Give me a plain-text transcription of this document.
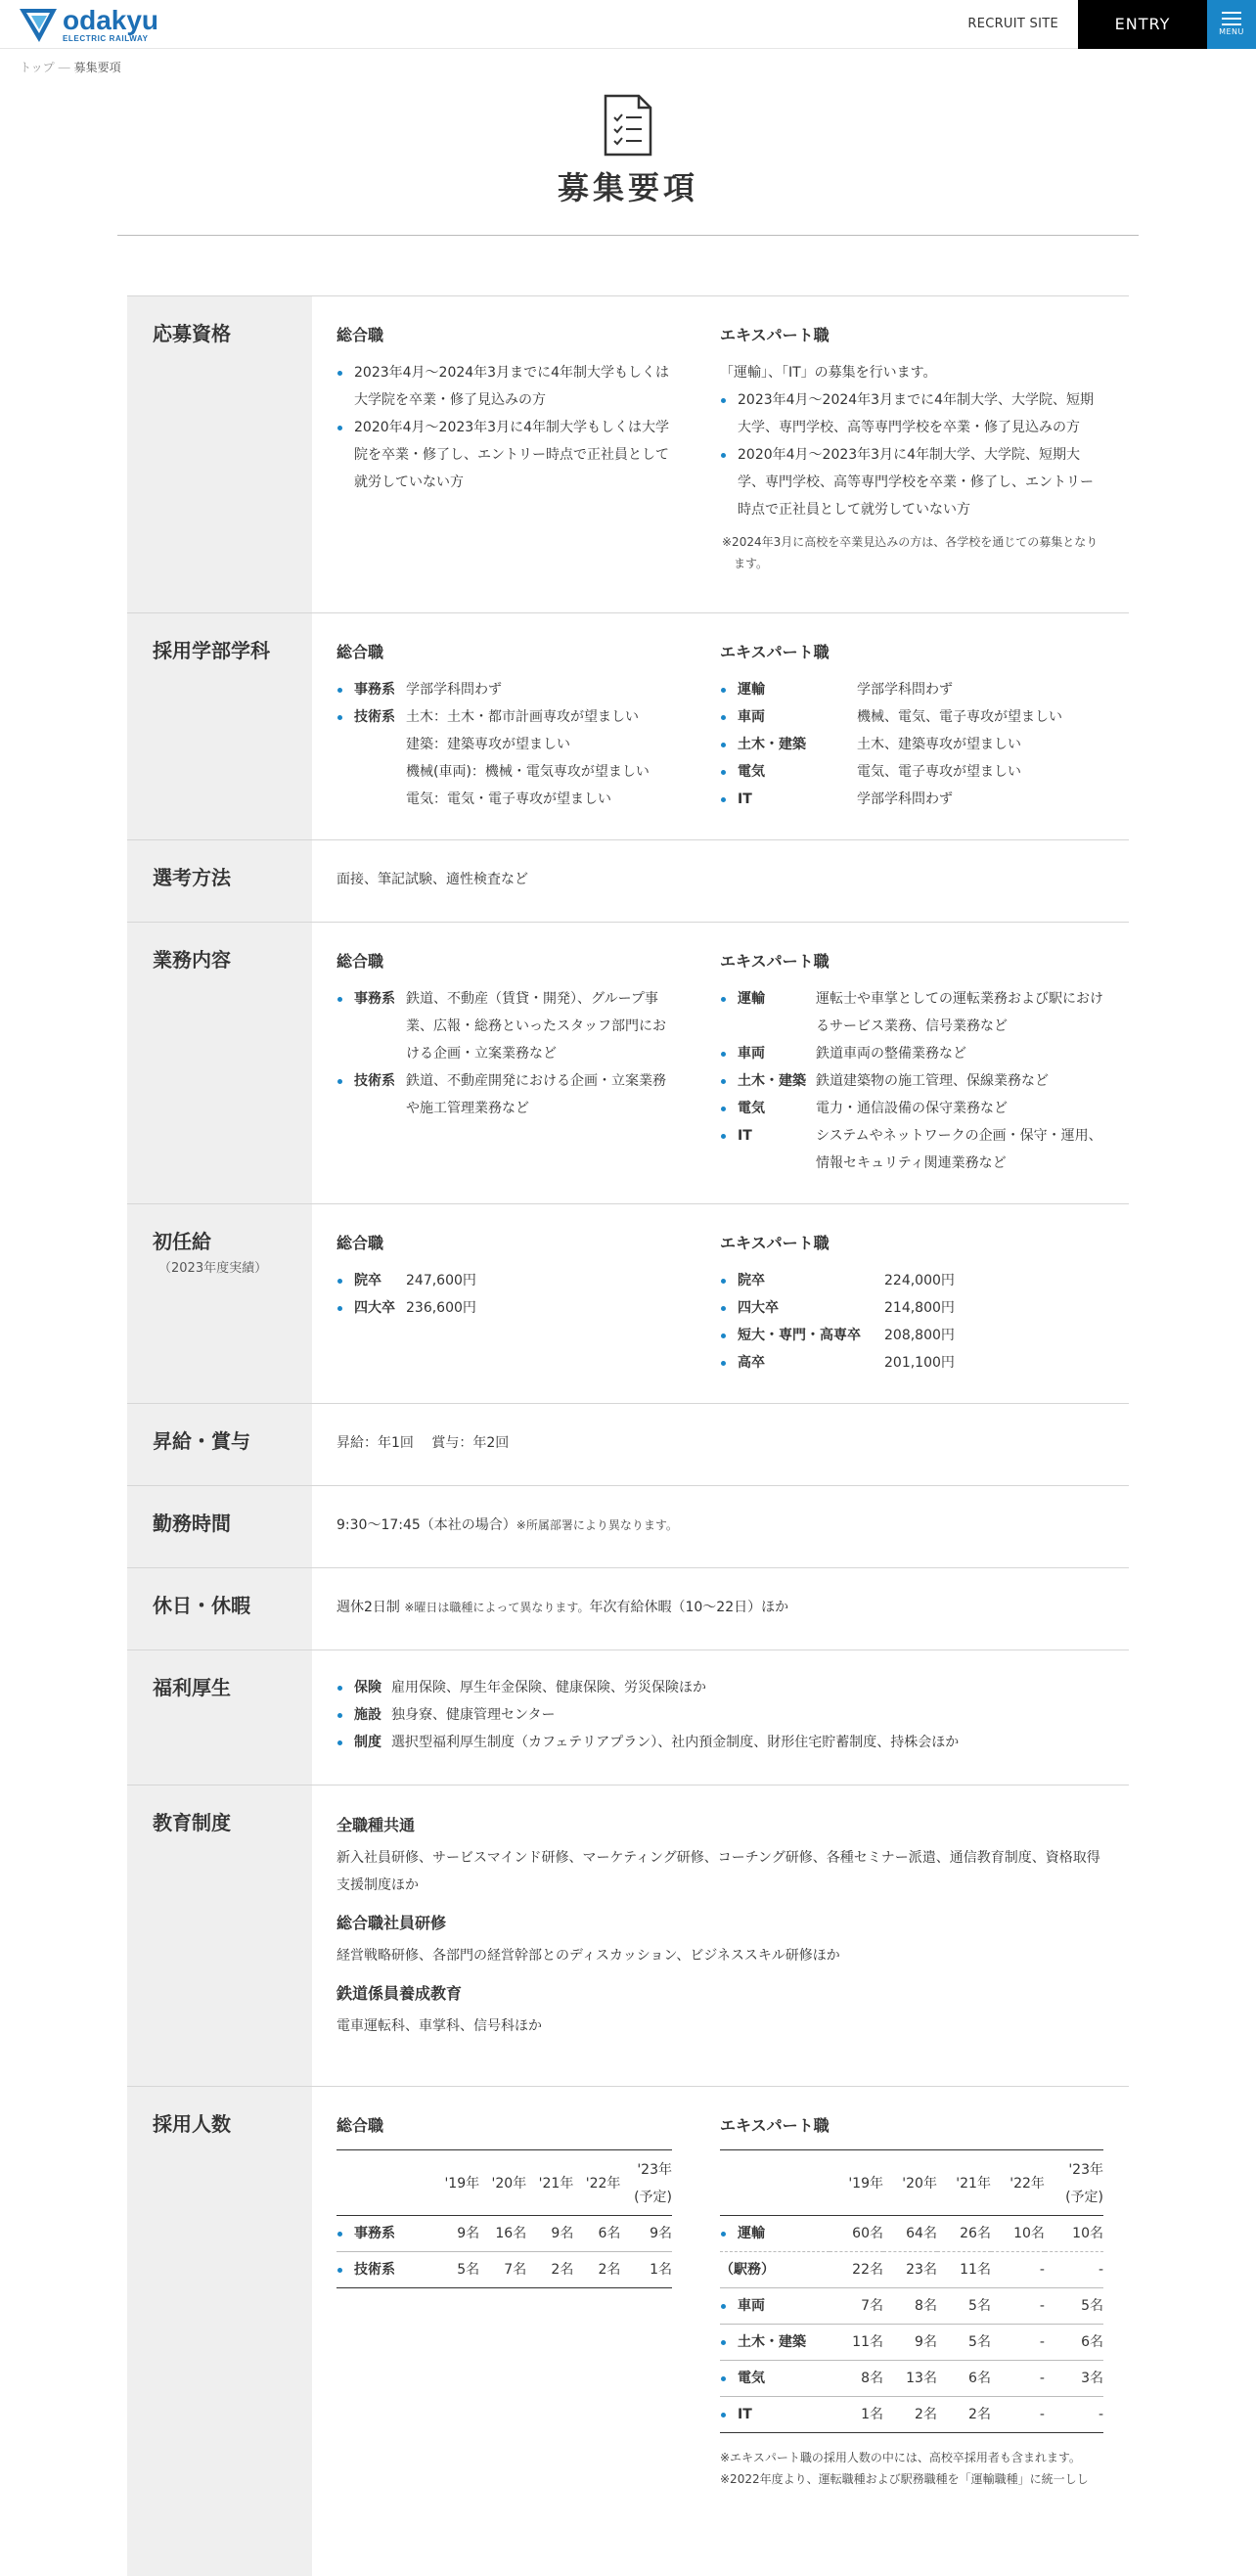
odakyu
ELECTRIC RAILWAY
RECRUIT SITE	ENTRY	MENU
トップ ― 募集要項
募集要項
応募資格	総合職
2023年4月～2024年3月までに4年制大学もしくは大学院を卒業・修了見込みの方
2020年4月～2023年3月に4年制大学もしくは大学院を卒業・修了し、エントリー時点で正社員として就労していない方
エキスパート職
「運輸」、「IT」の募集を行います。
2023年4月～2024年3月までに4年制大学、大学院、短期大学、専門学校、高等専門学校を卒業・修了見込みの方
2020年4月～2023年3月に4年制大学、大学院、短期大学、専門学校、高等専門学校を卒業・修了し、エントリー時点で正社員として就労していない方
※2024年3月に高校を卒業見込みの方は、各学校を通じての募集となります。
採用学部学科	総合職
事務系 学部学科問わず
技術系 土木：土木・都市計画専攻が望ましい
建築：建築専攻が望ましい
機械(車両)：機械・電気専攻が望ましい
電気：電気・電子専攻が望ましい
エキスパート職
運輸	学部学科問わず
車両	機械、電気、電子専攻が望ましい
土木・建築	土木、建築専攻が望ましい
電気	電気、電子専攻が望ましい
IT	学部学科問わず
選考方法	面接、筆記試験、適性検査など
業務内容	総合職
事務系 鉄道、不動産（賃貸・開発）、グループ事業、広報・総務といったスタッフ部門における企画・立案業務など
技術系 鉄道、不動産開発における企画・立案業務や施工管理業務など
エキスパート職
運輸	運転士や車掌としての運転業務および駅におけるサービス業務、信号業務など
車両	鉄道車両の整備業務など
土木・建築 鉄道建築物の施工管理、保線業務など
電気	電力・通信設備の保守業務など
IT	システムやネットワークの企画・保守・運用、情報セキュリティ関連業務など
初任給
（2023年度実績）
総合職
院卒	247,600円
四大卒 236,600円
エキスパート職
院卒	224,000円
四大卒	214,800円
短大・専門・高専卒	208,800円
高卒	201,100円
昇給・賞与	昇給：年1回　 賞与：年2回
勤務時間	9:30～17:45（本社の場合）※所属部署により異なります。
休日・休暇	週休2日制 ※曜日は職種によって異なります。年次有給休暇（10～22日）ほか
福利厚生	保険 雇用保険、厚生年金保険、健康保険、労災保険ほか
施設 独身寮、健康管理センター
制度 選択型福利厚生制度（カフェテリアプラン）、社内預金制度、財形住宅貯蓄制度、持株会ほか
教育制度	全職種共通
新入社員研修、サービスマインド研修、マーケティング研修、コーチング研修、各種セミナー派遣、通信教育制度、資格取得支援制度ほか
総合職社員研修
経営戦略研修、各部門の経営幹部とのディスカッション、ビジネススキル研修ほか
鉄道係員養成教育
電車運転科、車掌科、信号科ほか
採用人数	総合職
	'19年	'20年	'21年	'22年	'23年
(予定)
事務系	9名	16名	9名	6名	9名
技術系	5名	7名	2名	2名	1名
エキスパート職
	'19年	'20年	'21年	'22年	'23年
(予定)
運輸	60名	64名	26名	10名	10名
（駅務）	22名	23名	11名	-	-
車両	7名	8名	5名	-	5名
土木・建築	11名	9名	5名	-	6名
電気	8名	13名	6名	-	3名
IT	1名	2名	2名	-	-
※エキスパート職の採用人数の中には、高校卒採用者も含まれます。
※2022年度より、運転職種および駅務職種を「運輸職種」に統一しし
